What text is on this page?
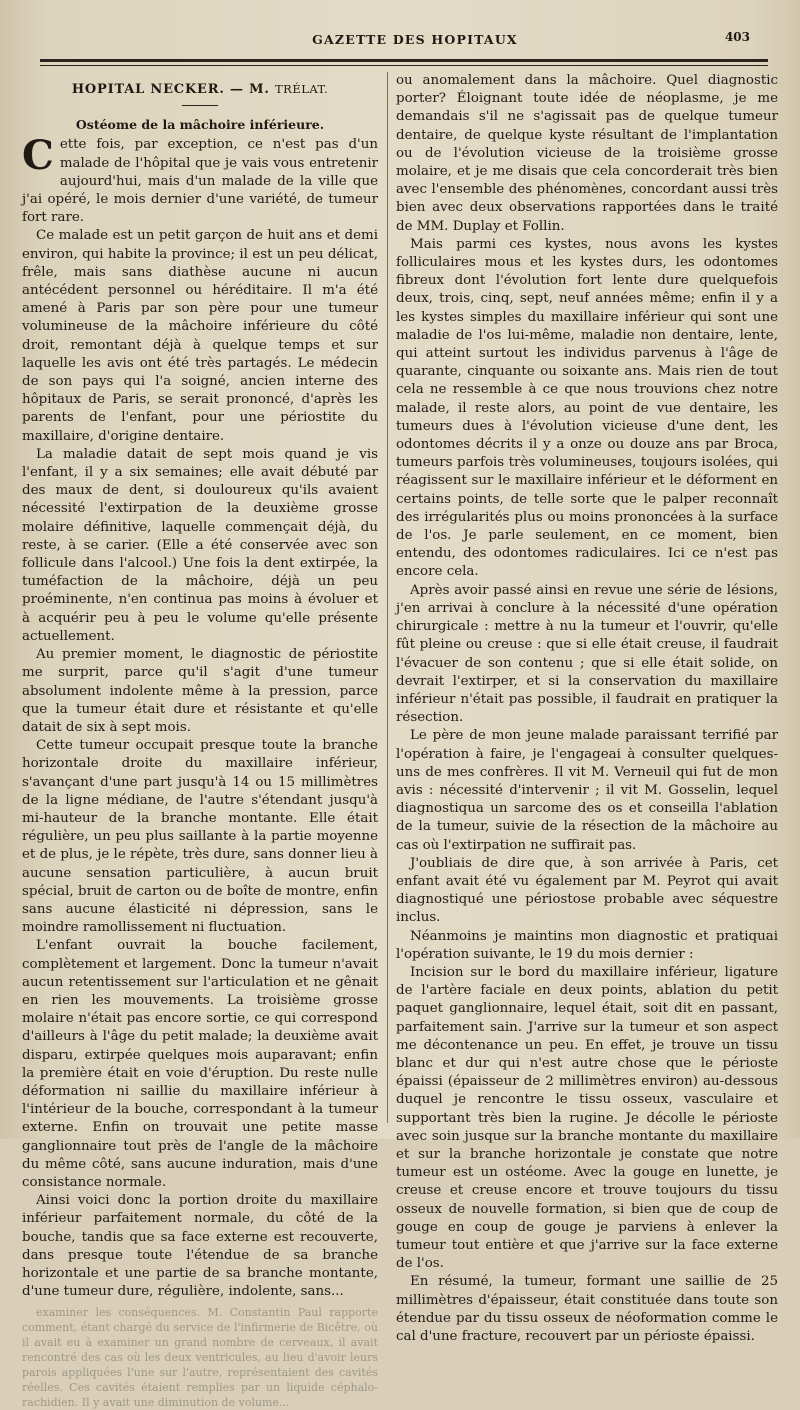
GAZETTE DES HOPITAUX	403
HOPITAL NECKER. — M. TRÉLAT.
Ostéome de la mâchoire inférieure.

Cette fois, par exception, ce n'est pas d'un malade de l'hôpital que je vais vous entretenir aujourd'hui, mais d'un malade de la ville que j'ai opéré, le mois dernier d'une variété, de tumeur fort rare.

Ce malade est un petit garçon de huit ans et demi environ, qui habite la province; il est un peu délicat, frêle, mais sans diathèse aucune ni aucun antécédent personnel ou héréditaire. Il m'a été amené à Paris par son père pour une tumeur volumineuse de la mâchoire inférieure du côté droit, remontant déjà à quelque temps et sur laquelle les avis ont été très partagés. Le médecin de son pays qui l'a soigné, ancien interne des hôpitaux de Paris, se serait prononcé, d'après les parents de l'enfant, pour une périostite du maxillaire, d'origine dentaire.

La maladie datait de sept mois quand je vis l'enfant, il y a six semaines; elle avait débuté par des maux de dent, si douloureux qu'ils avaient nécessité l'extirpation de la deuxième grosse molaire définitive, laquelle commençait déjà, du reste, à se carier. (Elle a été conservée avec son follicule dans l'alcool.) Une fois la dent extirpée, la tuméfaction de la mâchoire, déjà un peu proéminente, n'en continua pas moins à évoluer et à acquérir peu à peu le volume qu'elle présente actuellement.

Au premier moment, le diagnostic de périostite me surprit, parce qu'il s'agit d'une tumeur absolument indolente même à la pression, parce que la tumeur était dure et résistante et qu'elle datait de six à sept mois.

Cette tumeur occupait presque toute la branche horizontale droite du maxillaire inférieur, s'avançant d'une part jusqu'à 14 ou 15 millimètres de la ligne médiane, de l'autre s'étendant jusqu'à mi-hauteur de la branche montante. Elle était régulière, un peu plus saillante à la partie moyenne et de plus, je le répète, très dure, sans donner lieu à aucune sensation particulière, à aucun bruit spécial, bruit de carton ou de boîte de montre, enfin sans aucune élasticité ni dépression, sans le moindre ramollissement ni fluctuation.

L'enfant ouvrait la bouche facilement, complètement et largement. Donc la tumeur n'avait aucun retentissement sur l'articulation et ne gênait en rien les mouvements. La troisième grosse molaire n'était pas encore sortie, ce qui correspond d'ailleurs à l'âge du petit malade; la deuxième avait disparu, extirpée quelques mois auparavant; enfin la première était en voie d'éruption. Du reste nulle déformation ni saillie du maxillaire inférieur à l'intérieur de la bouche, correspondant à la tumeur externe. Enfin on trouvait une petite masse ganglionnaire tout près de l'angle de la mâchoire du même côté, sans aucune induration, mais d'une consistance normale.

Ainsi voici donc la portion droite du maxillaire inférieur parfaitement normale, du côté de la bouche, tandis que sa face externe est recouverte, dans presque toute l'étendue de sa branche horizontale et une partie de sa branche montante, d'une tumeur dure, régulière, indolente, sans...

examiner les conséquences. M. Constantin Paul rapporte comment, étant chargé du service de l'infirmerie de Bicêtre, où il avait eu à examiner un grand nombre de cerveaux, il avait rencontré des cas où les deux ventricules, au lieu d'avoir leurs parois appliquées l'une sur l'autre, représentaient des cavités réelles. Ces cavités étaient remplies par un liquide céphalo-rachidien. Il y avait une diminution de volume...

ou anomalement dans la mâchoire. Quel diagnostic porter? Éloignant toute idée de néoplasme, je me demandais s'il ne s'agissait pas de quelque tumeur dentaire, de quelque kyste résultant de l'implantation ou de l'évolution vicieuse de la troisième grosse molaire, et je me disais que cela concorderait très bien avec l'ensemble des phénomènes, concordant aussi très bien avec deux observations rapportées dans le traité de MM. Duplay et Follin.

Mais parmi ces kystes, nous avons les kystes folliculaires mous et les kystes durs, les odontomes fibreux dont l'évolution fort lente dure quelquefois deux, trois, cinq, sept, neuf années même; enfin il y a les kystes simples du maxillaire inférieur qui sont une maladie de l'os lui-même, maladie non dentaire, lente, qui atteint surtout les individus parvenus à l'âge de quarante, cinquante ou soixante ans. Mais rien de tout cela ne ressemble à ce que nous trouvions chez notre malade, il reste alors, au point de vue dentaire, les tumeurs dues à l'évolution vicieuse d'une dent, les odontomes décrits il y a onze ou douze ans par Broca, tumeurs parfois très volumineuses, toujours isolées, qui réagissent sur le maxillaire inférieur et le déforment en certains points, de telle sorte que le palper reconnaît des irrégularités plus ou moins prononcées à la surface de l'os. Je parle seulement, en ce moment, bien entendu, des odontomes radiculaires. Ici ce n'est pas encore cela.

Après avoir passé ainsi en revue une série de lésions, j'en arrivai à conclure à la nécessité d'une opération chirurgicale : mettre à nu la tumeur et l'ouvrir, qu'elle fût pleine ou creuse : que si elle était creuse, il faudrait l'évacuer de son contenu ; que si elle était solide, on devrait l'extirper, et si la conservation du maxillaire inférieur n'était pas possible, il faudrait en pratiquer la résection.

Le père de mon jeune malade paraissant terrifié par l'opération à faire, je l'engageai à consulter quelques-uns de mes confrères. Il vit M. Verneuil qui fut de mon avis : nécessité d'intervenir ; il vit M. Gosselin, lequel diagnostiqua un sarcome des os et conseilla l'ablation de la tumeur, suivie de la résection de la mâchoire au cas où l'extirpation ne suffirait pas.

J'oubliais de dire que, à son arrivée à Paris, cet enfant avait été vu également par M. Peyrot qui avait diagnostiqué une périostose probable avec séquestre inclus.

Néanmoins je maintins mon diagnostic et pratiquai l'opération suivante, le 19 du mois dernier :

Incision sur le bord du maxillaire inférieur, ligature de l'artère faciale en deux points, ablation du petit paquet ganglionnaire, lequel était, soit dit en passant, parfaitement sain. J'arrive sur la tumeur et son aspect me décontenance un peu. En effet, je trouve un tissu blanc et dur qui n'est autre chose que le périoste épaissi (épaisseur de 2 millimètres environ) au-dessous duquel je rencontre le tissu osseux, vasculaire et supportant très bien la rugine. Je décolle le périoste avec soin jusque sur la branche montante du maxillaire et sur la branche horizontale je constate que notre tumeur est un ostéome. Avec la gouge en lunette, je creuse et creuse encore et trouve toujours du tissu osseux de nouvelle formation, si bien que de coup de gouge en coup de gouge je parviens à enlever la tumeur tout entière et que j'arrive sur la face externe de l'os.

En résumé, la tumeur, formant une saillie de 25 millimètres d'épaisseur, était constituée dans toute son étendue par du tissu osseux de néoformation comme le cal d'une fracture, recouvert par un périoste épaissi.
